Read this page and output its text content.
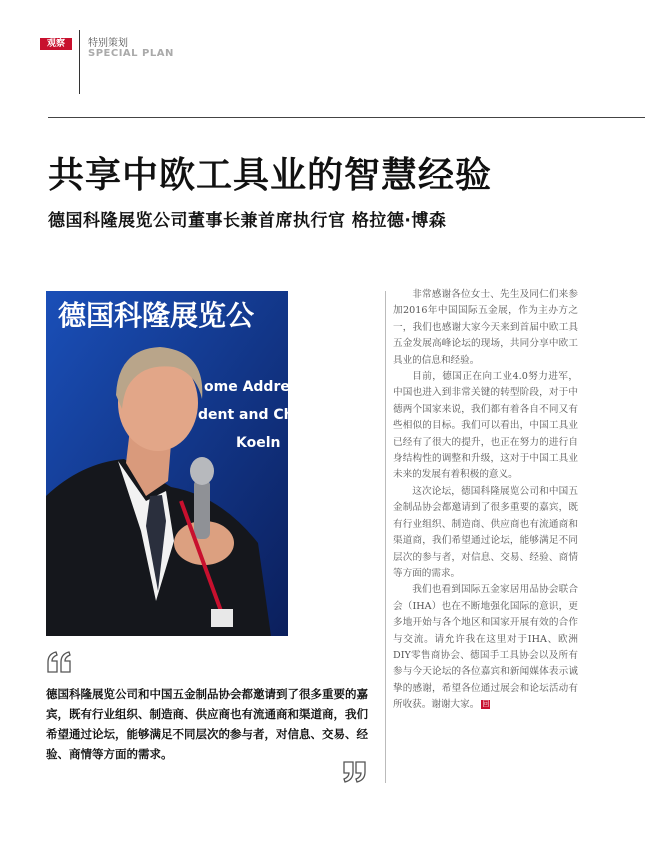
观察	特别策划
SPECIAL PLAN
共享中欧工具业的智慧经验
德国科隆展览公司董事长兼首席执行官 格拉德·博森
德国科隆展览公
ome Addres
dent and Chi
Koeln

德国科隆展览公司和中国五金制品协会都邀请到了很多重要的嘉宾，既有行业组织、制造商、供应商也有流通商和渠道商，我们希望通过论坛，能够满足不同层次的参与者，对信息、交易、经验、商情等方面的需求。

非常感谢各位女士、先生及同仁们来参加2016年中国国际五金展，作为主办方之一，我们也感谢大家今天来到首届中欧工具五金发展高峰论坛的现场，共同分享中欧工具业的信息和经验。

目前，德国正在向工业4.0努力进军，中国也进入到非常关键的转型阶段，对于中德两个国家来说，我们都有着各自不同又有些相似的目标。我们可以看出，中国工具业已经有了很大的提升，也正在努力的进行自身结构性的调整和升级，这对于中国工具业未来的发展有着积极的意义。

这次论坛，德国科隆展览公司和中国五金制品协会都邀请到了很多重要的嘉宾，既有行业组织、制造商、供应商也有流通商和渠道商，我们希望通过论坛，能够满足不同层次的参与者，对信息、交易、经验、商情等方面的需求。

我们也看到国际五金家居用品协会联合会（IHA）也在不断地强化国际的意识，更多地开始与各个地区和国家开展有效的合作与交流。请允许我在这里对于IHA、欧洲DIY零售商协会、德国手工具协会以及所有参与今天论坛的各位嘉宾和新闻媒体表示诚挚的感谢，希望各位通过展会和论坛活动有所收获。谢谢大家。 回
